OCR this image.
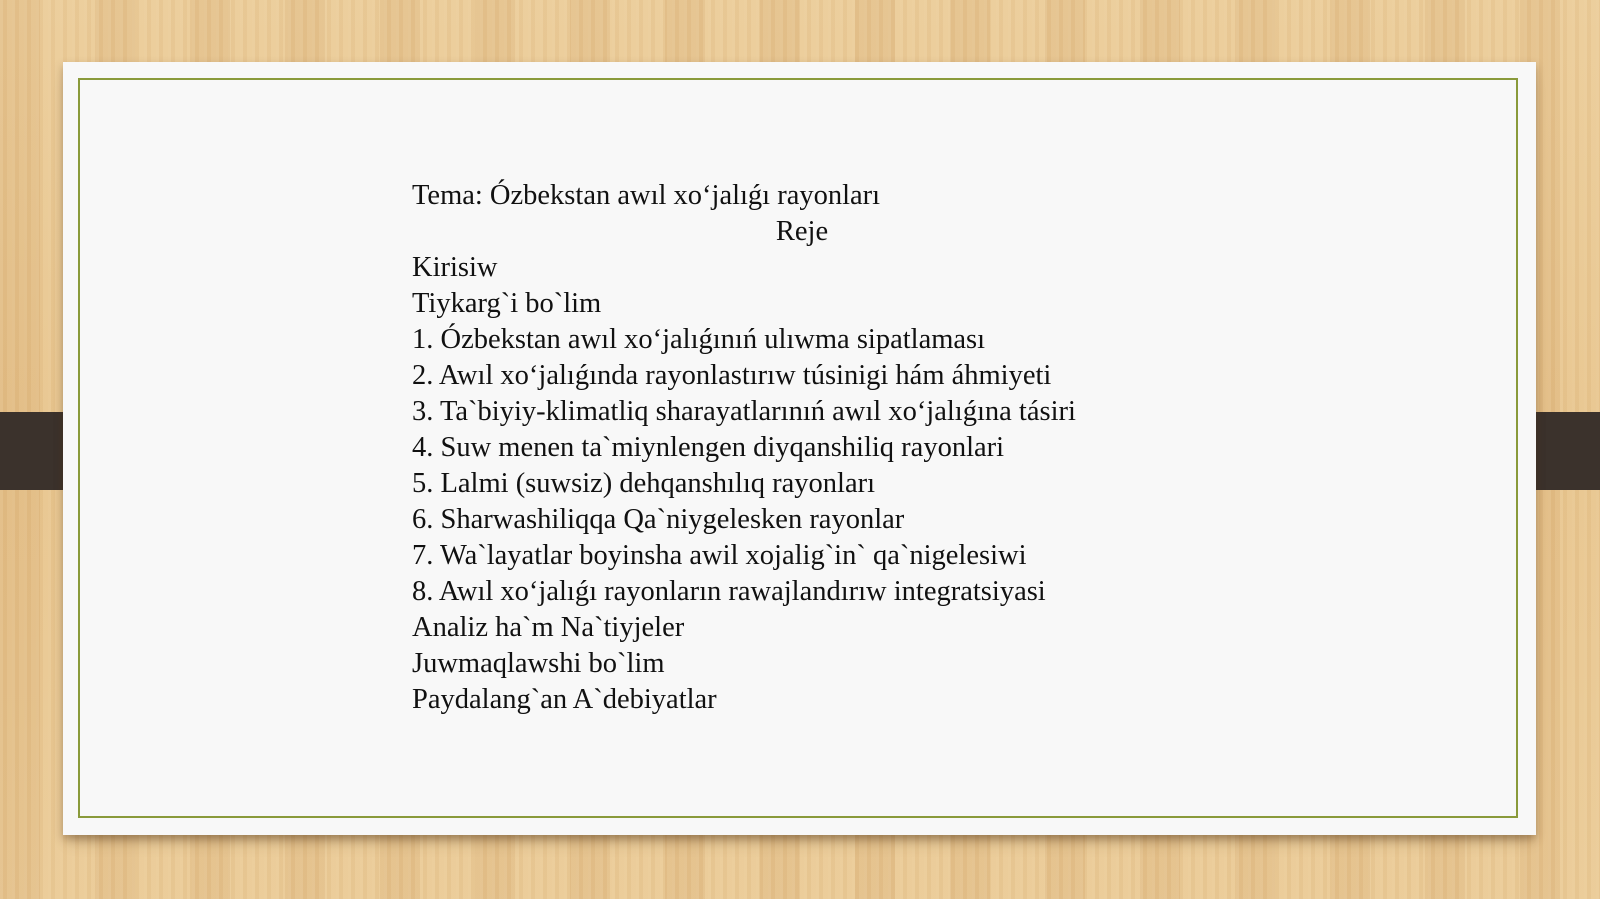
Tema: Ózbekstan awıl xo‘jalıǵı rayonları
Reje
Kirisiw
Tiykarg`i bo`lim
1. Ózbekstan awıl xo‘jalıǵınıń ulıwma sipatlaması
2. Awıl xo‘jalıǵında rayonlastırıw túsinigi hám áhmiyeti
3. Ta`biyiy-klimatliq sharayatlarınıń awıl xo‘jalıǵına tásiri
4. Suw menen ta`miynlengen diyqanshiliq rayonlari
5. Lalmi (suwsiz) dehqanshılıq rayonları
6. Sharwashiliqqa Qa`niygelesken rayonlar
7. Wa`layatlar boyinsha awil xojalig`in` qa`nigelesiwi
8. Awıl xo‘jalıǵı rayonların rawajlandırıw integratsiyasi
Analiz ha`m Na`tiyjeler
Juwmaqlawshi bo`lim
Paydalang`an A`debiyatlar
